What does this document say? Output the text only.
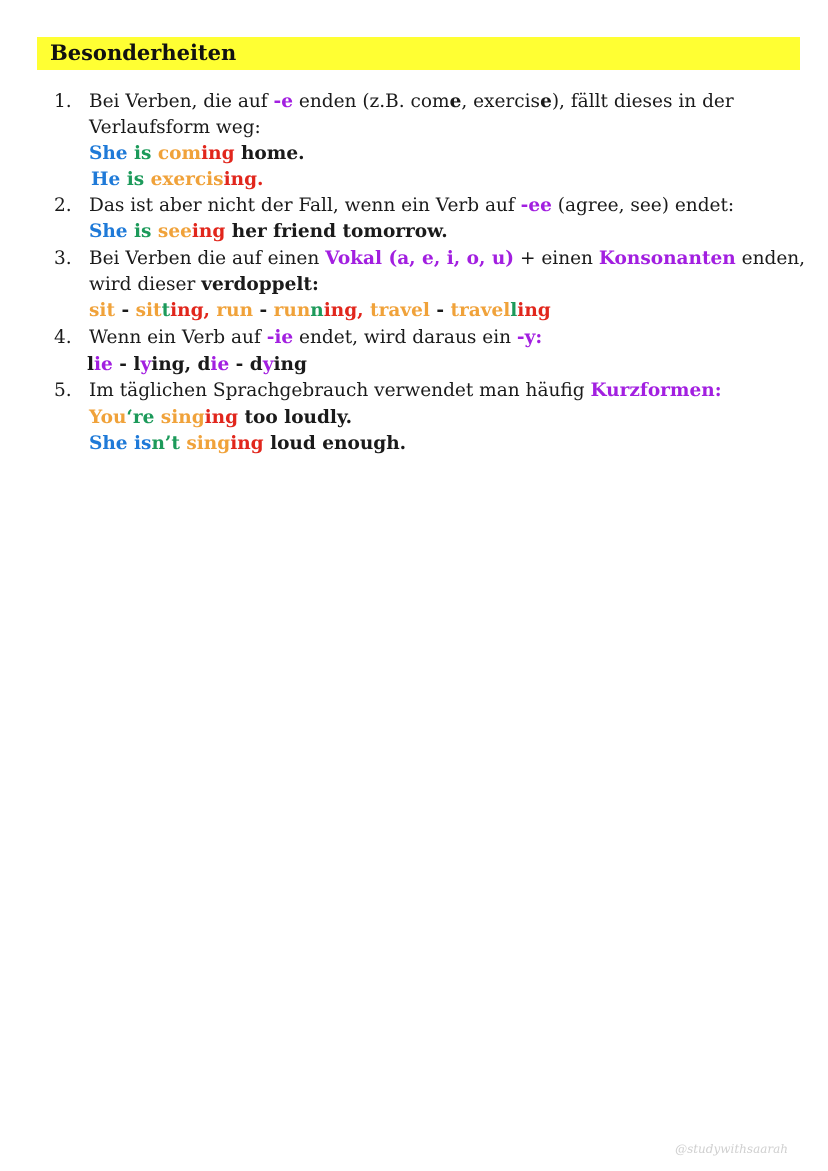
Besonderheiten
1. Bei Verben, die auf -e enden (z.B. come, exercise), fällt dieses in der
Verlaufsform weg:
She is coming home.
He is exercising.
2. Das ist aber nicht der Fall, wenn ein Verb auf -ee (agree, see) endet:
She is seeing her friend tomorrow.
3. Bei Verben die auf einen Vokal (a, e, i, o, u) + einen Konsonanten enden,
wird dieser verdoppelt:
sit - sitting, run - running, travel - travelling
4. Wenn ein Verb auf -ie endet, wird daraus ein -y:
lie - lying, die - dying
5. Im täglichen Sprachgebrauch verwendet man häufig Kurzformen:
You‘re singing too loudly.
She isn’t singing loud enough.
@studywithsaarah
